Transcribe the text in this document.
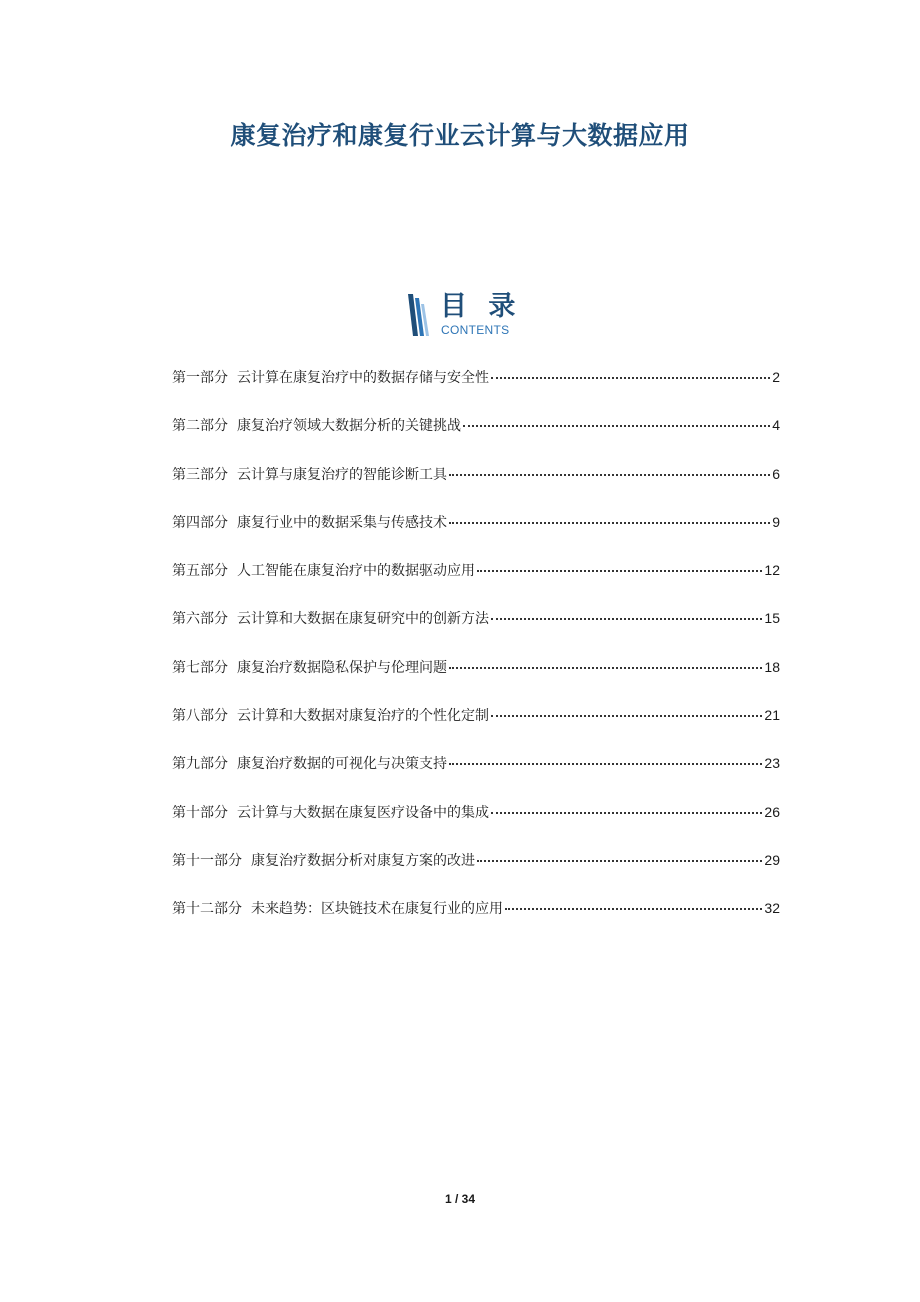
康复治疗和康复行业云计算与大数据应用
目 录
CONTENTS
第一部分 云计算在康复治疗中的数据存储与安全性	2
第二部分 康复治疗领域大数据分析的关键挑战	4
第三部分 云计算与康复治疗的智能诊断工具	6
第四部分 康复行业中的数据采集与传感技术	9
第五部分 人工智能在康复治疗中的数据驱动应用	12
第六部分 云计算和大数据在康复研究中的创新方法	15
第七部分 康复治疗数据隐私保护与伦理问题	18
第八部分 云计算和大数据对康复治疗的个性化定制	21
第九部分 康复治疗数据的可视化与决策支持	23
第十部分 云计算与大数据在康复医疗设备中的集成	26
第十一部分 康复治疗数据分析对康复方案的改进	29
第十二部分 未来趋势：区块链技术在康复行业的应用	32
1 / 34
